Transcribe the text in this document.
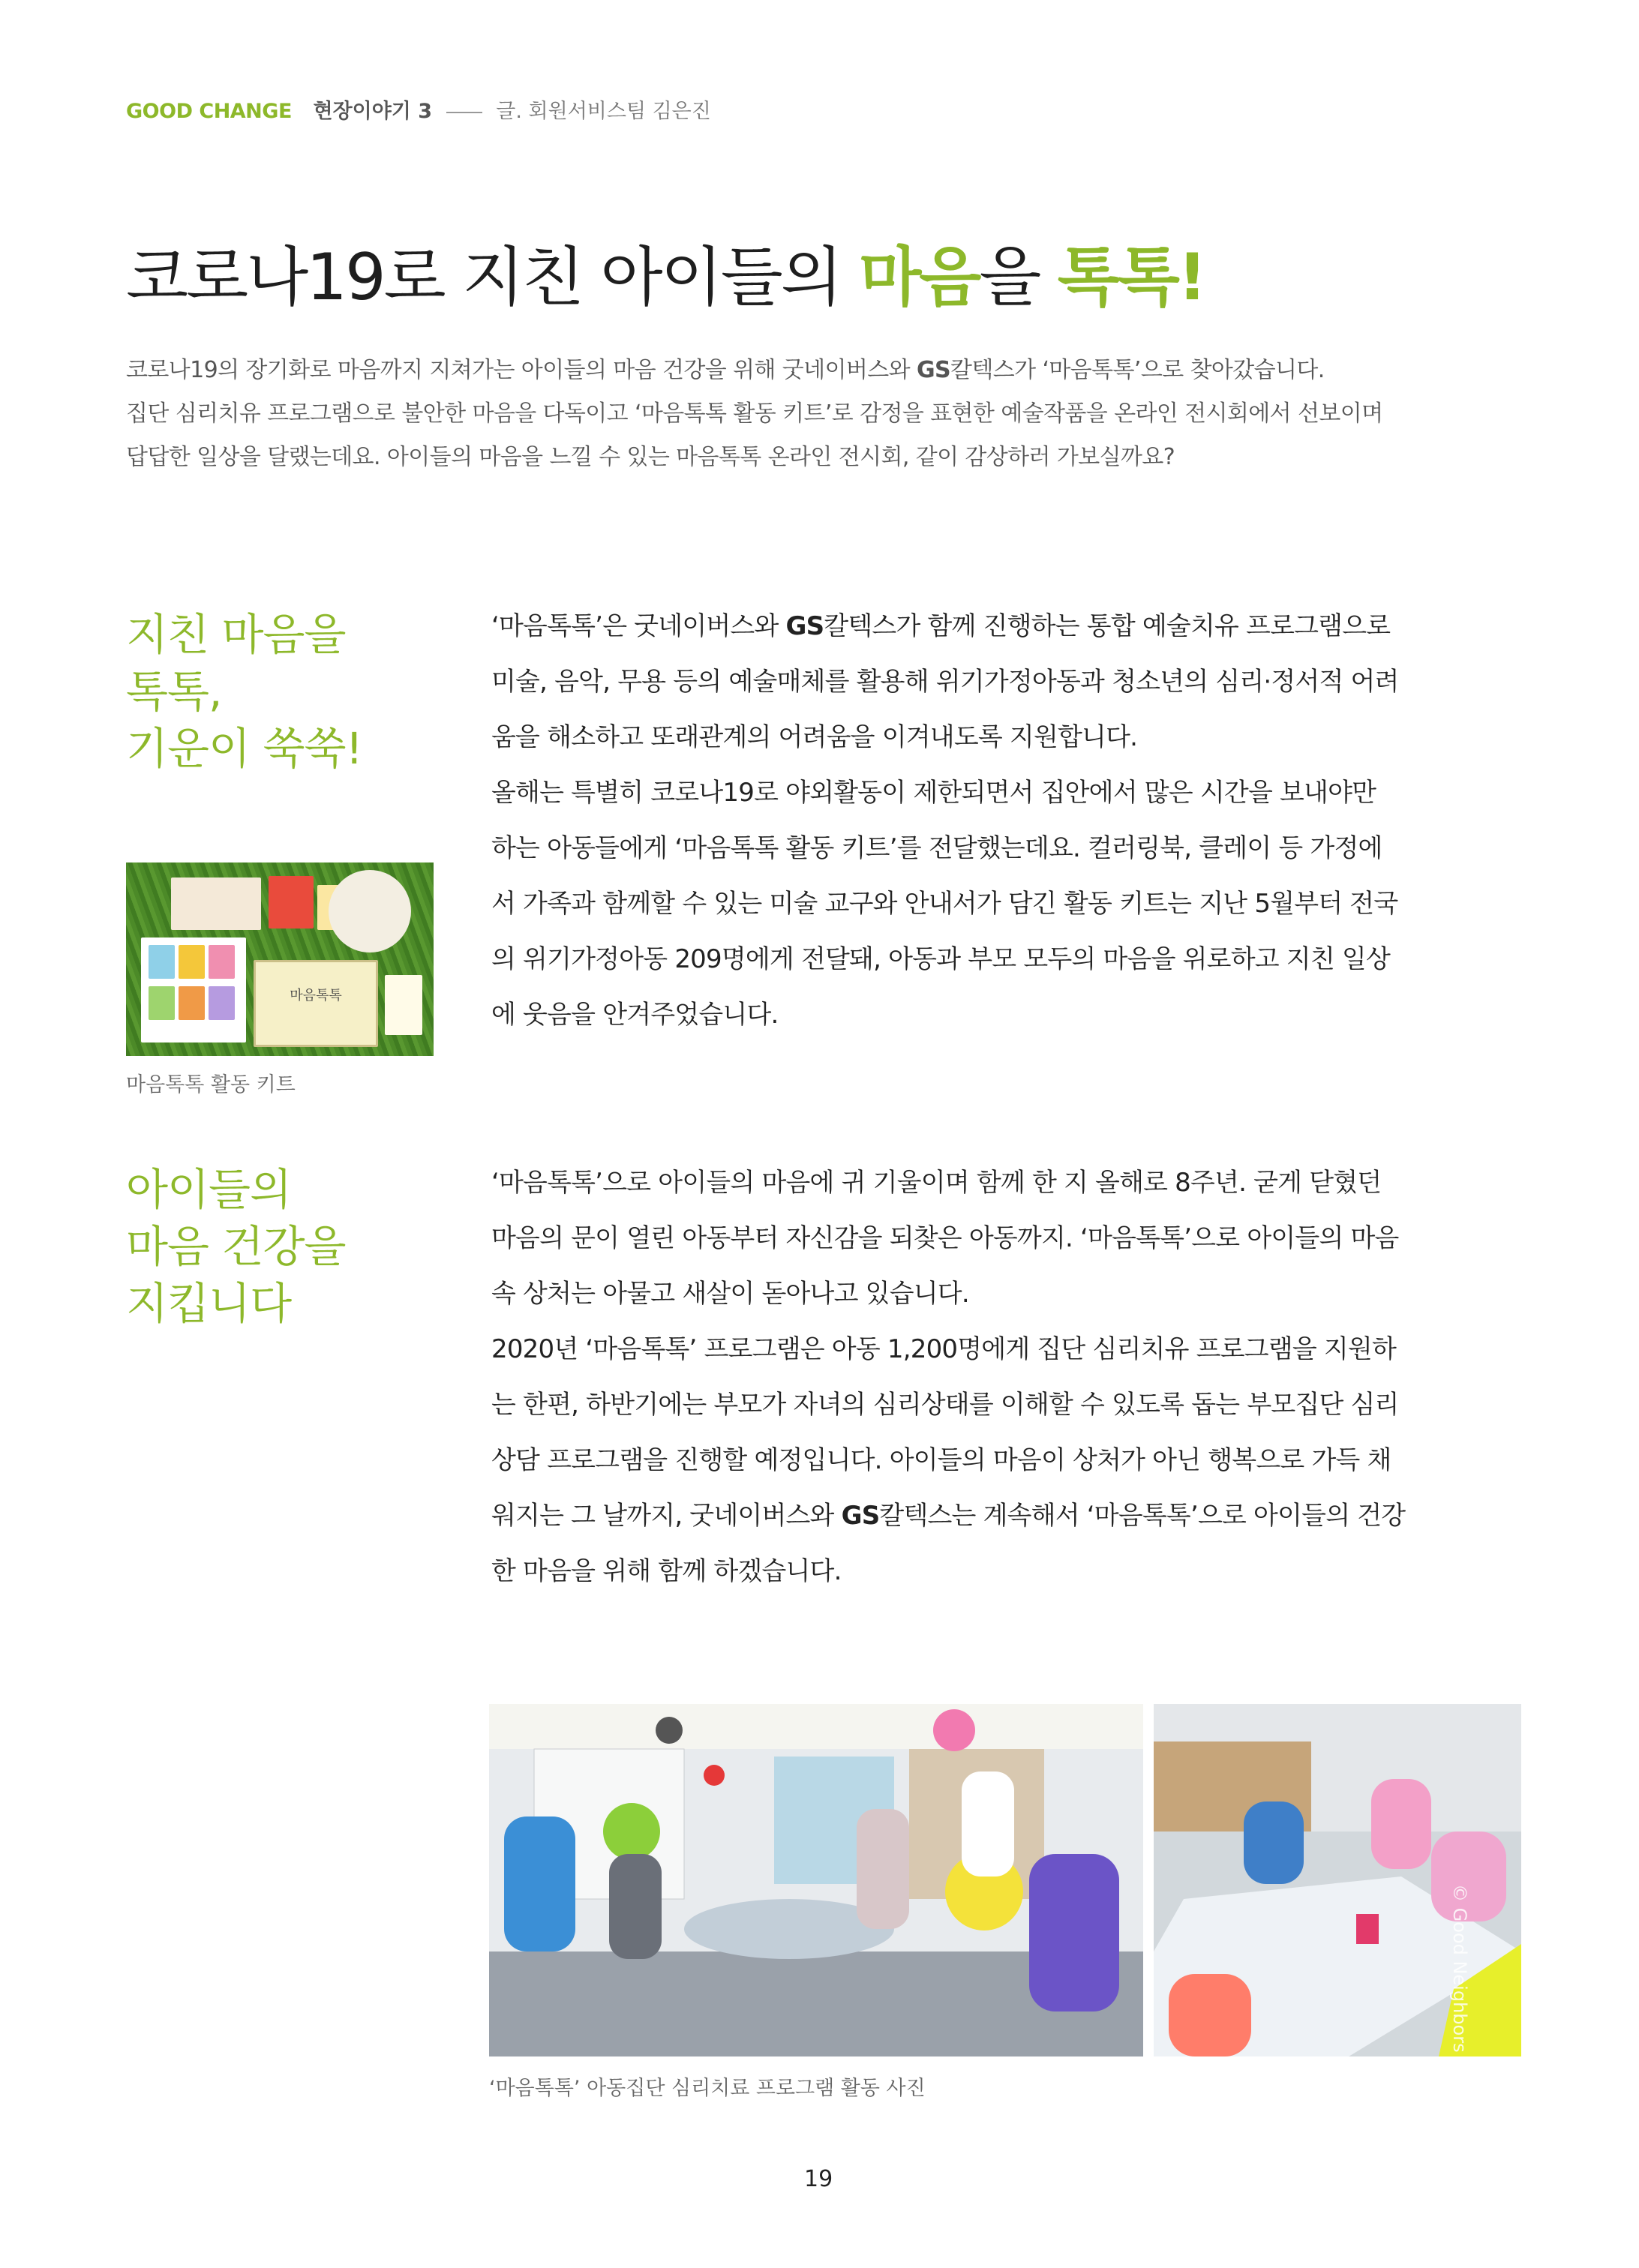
GOOD CHANGE 현장이야기 3	글. 회원서비스팀 김은진
코로나19로 지친 아이들의 마음을 톡톡!

코로나19의 장기화로 마음까지 지쳐가는 아이들의 마음 건강을 위해 굿네이버스와 GS칼텍스가 ‘마음톡톡’으로 찾아갔습니다.

집단 심리치유 프로그램으로 불안한 마음을 다독이고 ‘마음톡톡 활동 키트’로 감정을 표현한 예술작품을 온라인 전시회에서 선보이며

답답한 일상을 달랬는데요. 아이들의 마음을 느낄 수 있는 마음톡톡 온라인 전시회, 같이 감상하러 가보실까요?

지친 마음을

톡톡,

기운이 쑥쑥!

‘마음톡톡’은 굿네이버스와 GS칼텍스가 함께 진행하는 통합 예술치유 프로그램으로

미술, 음악, 무용 등의 예술매체를 활용해 위기가정아동과 청소년의 심리·정서적 어려

움을 해소하고 또래관계의 어려움을 이겨내도록 지원합니다.

올해는 특별히 코로나19로 야외활동이 제한되면서 집안에서 많은 시간을 보내야만

하는 아동들에게 ‘마음톡톡 활동 키트’를 전달했는데요. 컬러링북, 클레이 등 가정에

서 가족과 함께할 수 있는 미술 교구와 안내서가 담긴 활동 키트는 지난 5월부터 전국

의 위기가정아동 209명에게 전달돼, 아동과 부모 모두의 마음을 위로하고 지친 일상

에 웃음을 안겨주었습니다.

마음톡톡
마음톡톡 활동 키트

아이들의

마음 건강을

지킵니다

‘마음톡톡’으로 아이들의 마음에 귀 기울이며 함께 한 지 올해로 8주년. 굳게 닫혔던

마음의 문이 열린 아동부터 자신감을 되찾은 아동까지. ‘마음톡톡’으로 아이들의 마음

속 상처는 아물고 새살이 돋아나고 있습니다.

2020년 ‘마음톡톡’ 프로그램은 아동 1,200명에게 집단 심리치유 프로그램을 지원하

는 한편, 하반기에는 부모가 자녀의 심리상태를 이해할 수 있도록 돕는 부모집단 심리

상담 프로그램을 진행할 예정입니다. 아이들의 마음이 상처가 아닌 행복으로 가득 채

워지는 그 날까지, 굿네이버스와 GS칼텍스는 계속해서 ‘마음톡톡’으로 아이들의 건강

한 마음을 위해 함께 하겠습니다.

© Good Neighbors
‘마음톡톡’ 아동집단 심리치료 프로그램 활동 사진
19
